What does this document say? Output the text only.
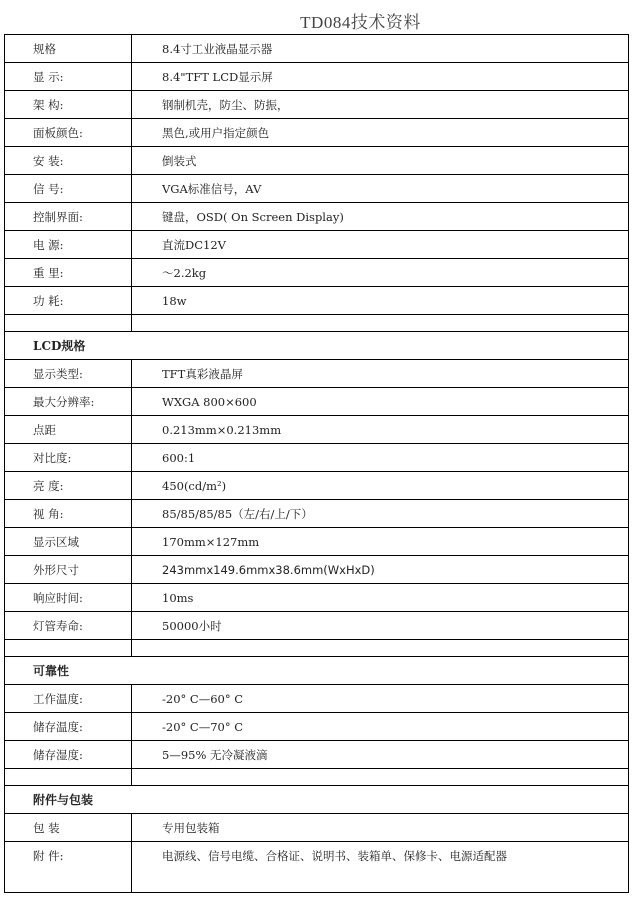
TD084技术资料
规格	8.4寸工业液晶显示器
显 示:	8.4"TFT LCD显示屏
架 构:	钢制机壳，防尘、防振，
面板颜色:	黑色,或用户指定颜色
安 装:	倒装式
信 号:	VGA标准信号，AV
控制界面:	键盘，OSD( On Screen Display)
电 源:	直流DC12V
重 里:	～2.2kg
功 耗:	18w

LCD规格	
显示类型:	TFT真彩液晶屏
最大分辨率:	WXGA 800×600
点距	0.213mm×0.213mm
对比度:	600:1
亮 度:	450(cd/m²)
视 角:	85/85/85/85（左/右/上/下）
显示区域	170mm×127mm
外形尺寸	243mmx149.6mmx38.6mm(WxHxD)
响应时间:	10ms
灯管寿命:	50000小时

可靠性	
工作温度:	-20° C—60° C
储存温度:	-20° C—70° C
储存湿度:	5—95% 无冷凝液滴

附件与包装	
包 装	专用包装箱
附 件:	电源线、信号电缆、合格证、说明书、装箱单、保修卡、电源适配器
